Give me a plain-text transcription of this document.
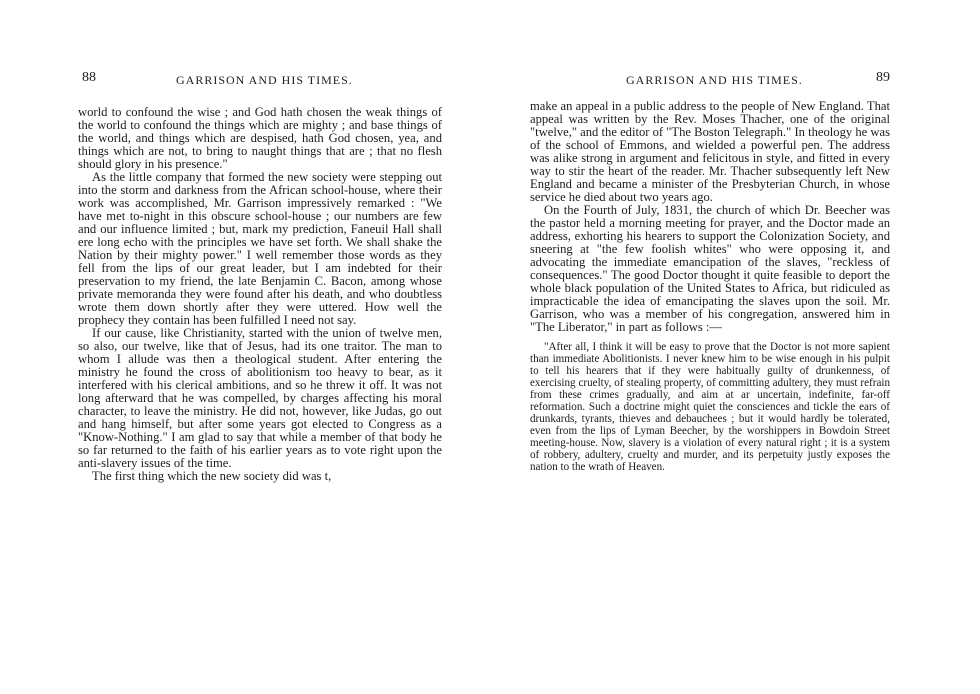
88	GARRISON AND HIS TIMES.

world to confound the wise ; and God hath chosen the weak things of the world to confound the things which are mighty ; and base things of the world, and things which are despised, hath God chosen, yea, and things which are not, to bring to naught things that are ; that no flesh should glory in his presence."

As the little company that formed the new society were stepping out into the storm and darkness from the African school-house, where their work was accomplished, Mr. Garrison impressively remarked : "We have met to-night in this obscure school-house ; our numbers are few and our influence limited ; but, mark my prediction, Faneuil Hall shall ere long echo with the principles we have set forth. We shall shake the Nation by their mighty power." I well remember those words as they fell from the lips of our great leader, but I am indebted for their preservation to my friend, the late Benjamin C. Bacon, among whose private memoranda they were found after his death, and who doubtless wrote them down shortly after they were uttered. How well the prophecy they contain has been fulfilled I need not say.

If our cause, like Christianity, started with the union of twelve men, so also, our twelve, like that of Jesus, had its one traitor. The man to whom I allude was then a theological student. After entering the ministry he found the cross of abolitionism too heavy to bear, as it interfered with his clerical ambitions, and so he threw it off. It was not long afterward that he was compelled, by charges affecting his moral character, to leave the ministry. He did not, however, like Judas, go out and hang himself, but after some years got elected to Congress as a "Know-Nothing." I am glad to say that while a member of that body he so far returned to the faith of his earlier years as to vote right upon the anti-slavery issues of the time.

The first thing which the new society did was t,

GARRISON AND HIS TIMES.	89

make an appeal in a public address to the people of New England. That appeal was written by the Rev. Moses Thacher, one of the original "twelve," and the editor of "The Boston Telegraph." In theology he was of the school of Emmons, and wielded a powerful pen. The address was alike strong in argument and felicitous in style, and fitted in every way to stir the heart of the reader. Mr. Thacher subsequently left New England and became a minister of the Presbyterian Church, in whose service he died about two years ago.

On the Fourth of July, 1831, the church of which Dr. Beecher was the pastor held a morning meeting for prayer, and the Doctor made an address, exhorting his hearers to support the Colonization Society, and sneering at "the few foolish whites" who were opposing it, and advocating the immediate emancipation of the slaves, "reckless of consequences." The good Doctor thought it quite feasible to deport the whole black population of the United States to Africa, but ridiculed as impracticable the idea of emancipating the slaves upon the soil. Mr. Garrison, who was a member of his congregation, answered him in "The Liberator," in part as follows :—

"After all, I think it will be easy to prove that the Doctor is not more sapient than immediate Abolitionists. I never knew him to be wise enough in his pulpit to tell his hearers that if they were habitually guilty of drunkenness, of exercising cruelty, of stealing property, of committing adultery, they must refrain from these crimes gradually, and aim at ar uncertain, indefinite, far-off reformation. Such a doctrine might quiet the consciences and tickle the ears of drunkards, tyrants, thieves and debauchees ; but it would hardly be tolerated, even from the lips of Lyman Beecher, by the worshippers in Bowdoin Street meeting-house. Now, slavery is a violation of every natural right ; it is a system of robbery, adultery, cruelty and murder, and its perpetuity justly exposes the nation to the wrath of Heaven.
